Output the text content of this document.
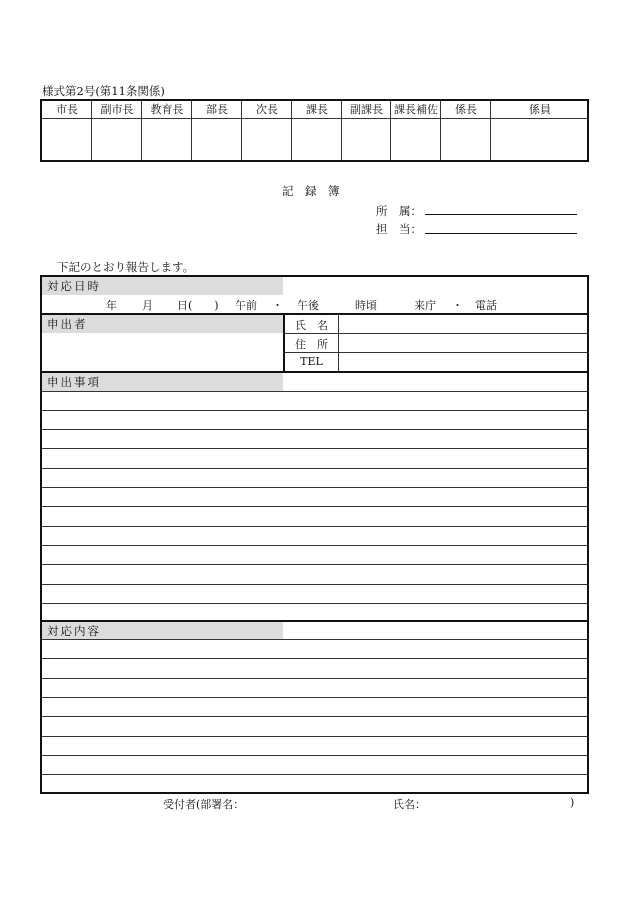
様式第2号(第11条関係)
市長	副市長	教育長	部長	次長	課長	副課長	課長補佐	係長	係員
記　録　簿
所　属：
担　当：
下記のとおり報告します。
対応日時
年 月 日(　　) 午前 ・ 午後	時頃	来庁 ・ 電話
申出者	氏　名
住　所
TEL
申出事項
対応内容
受付者(部署名：	氏名：	)
